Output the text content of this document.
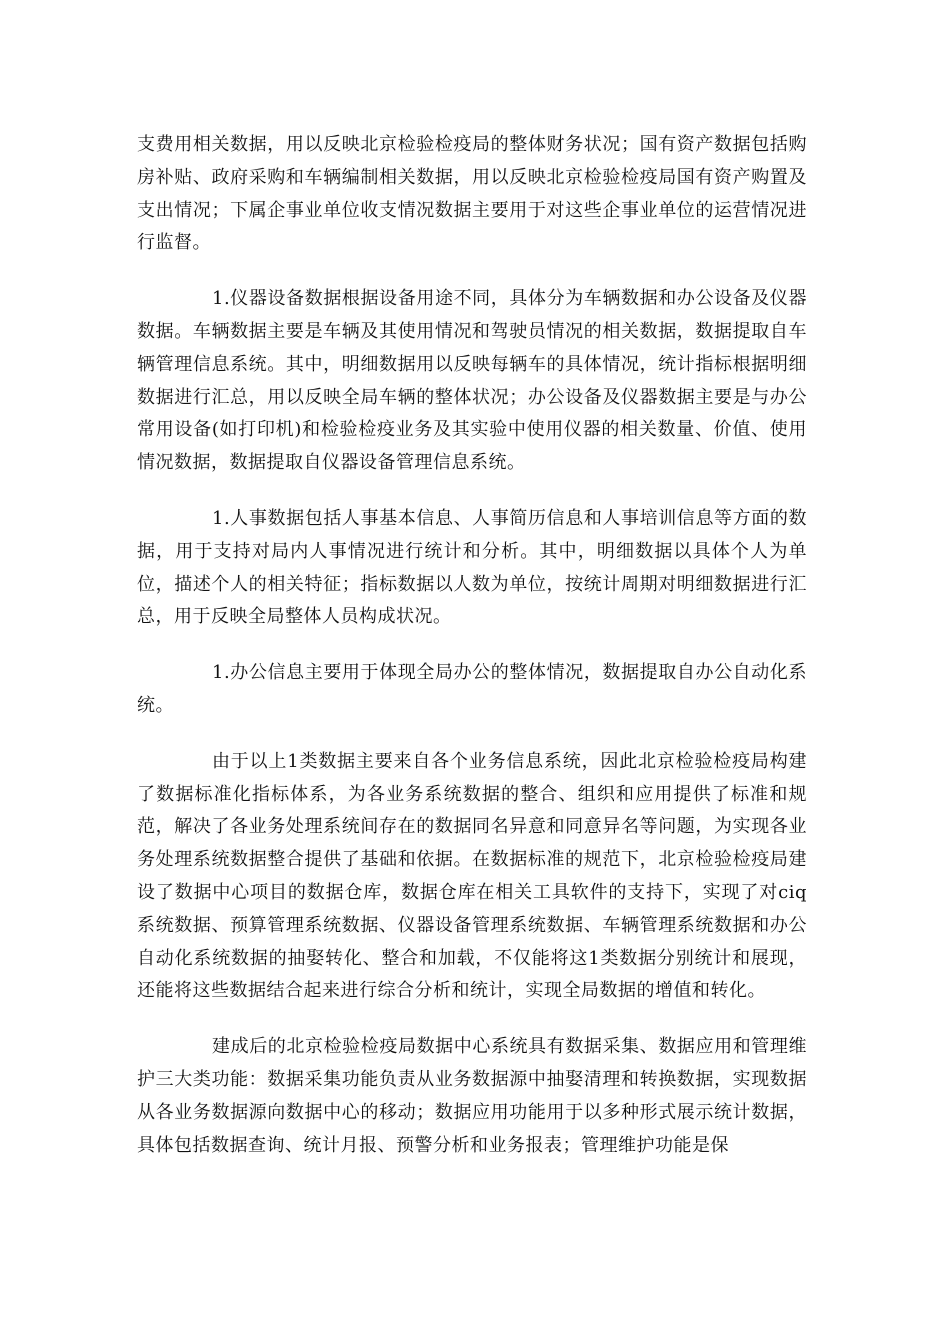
支费用相关数据，用以反映北京检验检疫局的整体财务状况；国有资产数据包括购房补贴、政府采购和车辆编制相关数据，用以反映北京检验检疫局国有资产购置及支出情况；下属企事业单位收支情况数据主要用于对这些企事业单位的运营情况进行监督。

1.仪器设备数据根据设备用途不同，具体分为车辆数据和办公设备及仪器数据。车辆数据主要是车辆及其使用情况和驾驶员情况的相关数据，数据提取自车辆管理信息系统。其中，明细数据用以反映每辆车的具体情况，统计指标根据明细数据进行汇总，用以反映全局车辆的整体状况；办公设备及仪器数据主要是与办公常用设备(如打印机)和检验检疫业务及其实验中使用仪器的相关数量、价值、使用情况数据，数据提取自仪器设备管理信息系统。

1.人事数据包括人事基本信息、人事简历信息和人事培训信息等方面的数据，用于支持对局内人事情况进行统计和分析。其中，明细数据以具体个人为单位，描述个人的相关特征；指标数据以人数为单位，按统计周期对明细数据进行汇总，用于反映全局整体人员构成状况。

1.办公信息主要用于体现全局办公的整体情况，数据提取自办公自动化系统。

由于以上1类数据主要来自各个业务信息系统，因此北京检验检疫局构建了数据标准化指标体系，为各业务系统数据的整合、组织和应用提供了标准和规范，解决了各业务处理系统间存在的数据同名异意和同意异名等问题，为实现各业务处理系统数据整合提供了基础和依据。在数据标准的规范下，北京检验检疫局建设了数据中心项目的数据仓库，数据仓库在相关工具软件的支持下，实现了对ciq系统数据、预算管理系统数据、仪器设备管理系统数据、车辆管理系统数据和办公自动化系统数据的抽娶转化、整合和加载，不仅能将这1类数据分别统计和展现，还能将这些数据结合起来进行综合分析和统计，实现全局数据的增值和转化。

建成后的北京检验检疫局数据中心系统具有数据采集、数据应用和管理维护三大类功能：数据采集功能负责从业务数据源中抽娶清理和转换数据，实现数据从各业务数据源向数据中心的移动；数据应用功能用于以多种形式展示统计数据，具体包括数据查询、统计月报、预警分析和业务报表；管理维护功能是保
